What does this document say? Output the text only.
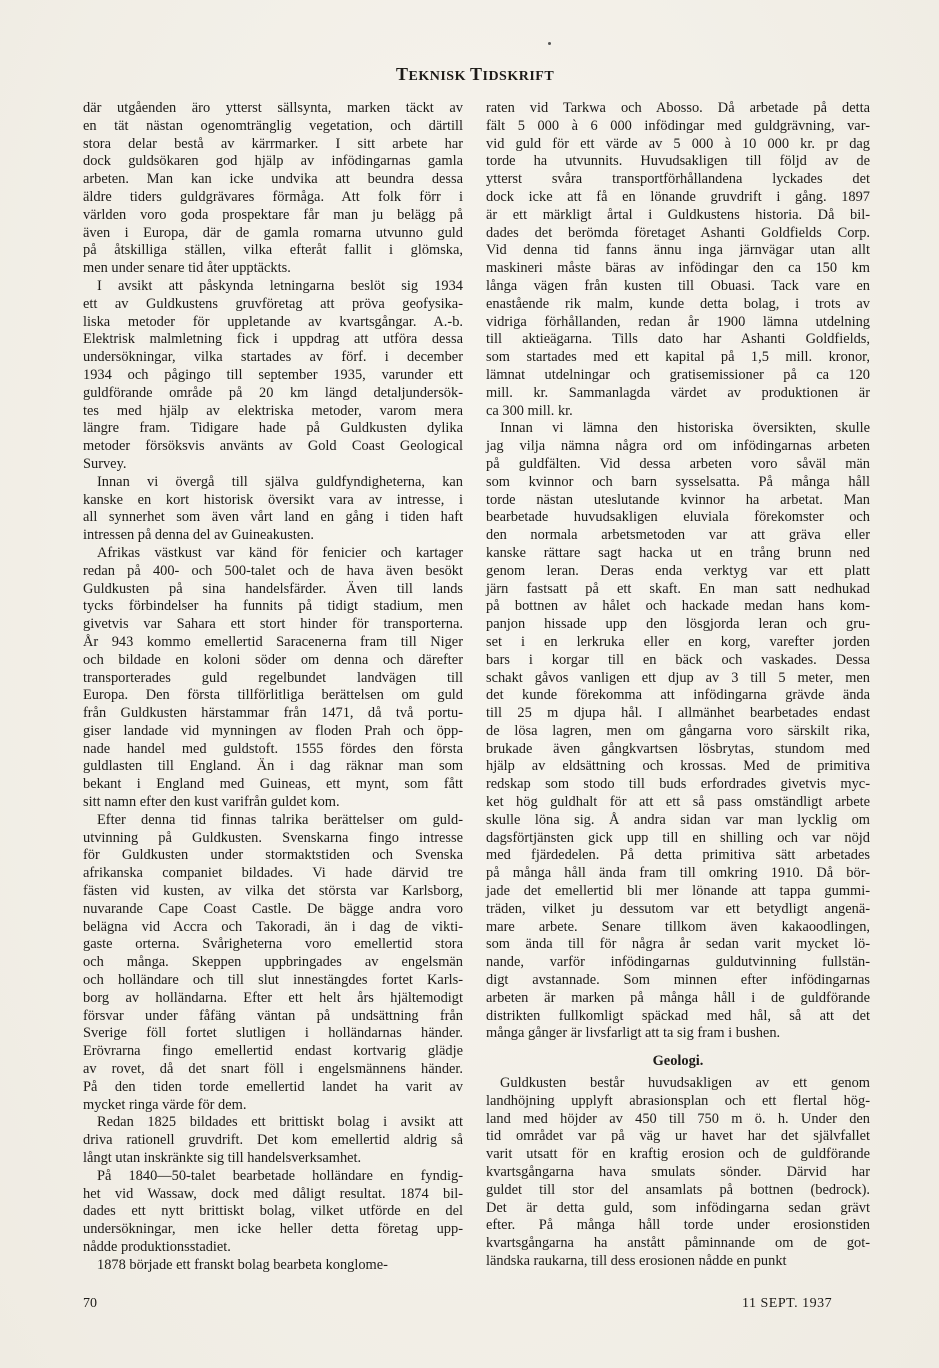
TEKNISK TIDSKRIFT
där utgåenden äro ytterst sällsynta, marken täckt av
en tät nästan ogenomtränglig vegetation, och därtill
stora delar bestå av kärrmarker. I sitt arbete har
dock guldsökaren god hjälp av infödingarnas gamla
arbeten. Man kan icke undvika att beundra dessa
äldre tiders guldgrävares förmåga. Att folk förr i
världen voro goda prospektare får man ju belägg på
även i Europa, där de gamla romarna utvunno guld
på åtskilliga ställen, vilka efteråt fallit i glömska,
men under senare tid åter upptäckts.
I avsikt att påskynda letningarna beslöt sig 1934
ett av Guldkustens gruvföretag att pröva geofysika-
liska metoder för uppletande av kvartsgångar. A.-b.
Elektrisk malmletning fick i uppdrag att utföra dessa
undersökningar, vilka startades av förf. i december
1934 och pågingo till september 1935, varunder ett
guldförande område på 20 km längd detaljundersök-
tes med hjälp av elektriska metoder, varom mera
längre fram. Tidigare hade på Guldkusten dylika
metoder försöksvis använts av Gold Coast Geological
Survey.
Innan vi övergå till själva guldfyndigheterna, kan
kanske en kort historisk översikt vara av intresse, i
all synnerhet som även vårt land en gång i tiden haft
intressen på denna del av Guineakusten.
Afrikas västkust var känd för fenicier och kartager
redan på 400- och 500-talet och de hava även besökt
Guldkusten på sina handelsfärder. Även till lands
tycks förbindelser ha funnits på tidigt stadium, men
givetvis var Sahara ett stort hinder för transporterna.
År 943 kommo emellertid Saracenerna fram till Niger
och bildade en koloni söder om denna och därefter
transporterades guld regelbundet landvägen till
Europa. Den första tillförlitliga berättelsen om guld
från Guldkusten härstammar från 1471, då två portu-
giser landade vid mynningen av floden Prah och öpp-
nade handel med guldstoft. 1555 fördes den första
guldlasten till England. Än i dag räknar man som
bekant i England med Guineas, ett mynt, som fått
sitt namn efter den kust varifrån guldet kom.
Efter denna tid finnas talrika berättelser om guld-
utvinning på Guldkusten. Svenskarna fingo intresse
för Guldkusten under stormaktstiden och Svenska
afrikanska companiet bildades. Vi hade därvid tre
fästen vid kusten, av vilka det största var Karlsborg,
nuvarande Cape Coast Castle. De bägge andra voro
belägna vid Accra och Takoradi, än i dag de vikti-
gaste orterna. Svårigheterna voro emellertid stora
och många. Skeppen uppbringades av engelsmän
och holländare och till slut innestängdes fortet Karls-
borg av holländarna. Efter ett helt års hjältemodigt
försvar under fåfäng väntan på undsättning från
Sverige föll fortet slutligen i holländarnas händer.
Erövrarna fingo emellertid endast kortvarig glädje
av rovet, då det snart föll i engelsmännens händer.
På den tiden torde emellertid landet ha varit av
mycket ringa värde för dem.
Redan 1825 bildades ett brittiskt bolag i avsikt att
driva rationell gruvdrift. Det kom emellertid aldrig så
långt utan inskränkte sig till handelsverksamhet.
På 1840—50-talet bearbetade holländare en fyndig-
het vid Wassaw, dock med dåligt resultat. 1874 bil-
dades ett nytt brittiskt bolag, vilket utförde en del
undersökningar, men icke heller detta företag upp-
nådde produktionsstadiet.
1878 började ett franskt bolag bearbeta konglome-
raten vid Tarkwa och Abosso. Då arbetade på detta
fält 5 000 à 6 000 infödingar med guldgrävning, var-
vid guld för ett värde av 5 000 à 10 000 kr. pr dag
torde ha utvunnits. Huvudsakligen till följd av de
ytterst svåra transportförhållandena lyckades det
dock icke att få en lönande gruvdrift i gång. 1897
är ett märkligt årtal i Guldkustens historia. Då bil-
dades det berömda företaget Ashanti Goldfields Corp.
Vid denna tid fanns ännu inga järnvägar utan allt
maskineri måste bäras av infödingar den ca 150 km
långa vägen från kusten till Obuasi. Tack vare en
enastående rik malm, kunde detta bolag, i trots av
vidriga förhållanden, redan år 1900 lämna utdelning
till aktieägarna. Tills dato har Ashanti Goldfields,
som startades med ett kapital på 1,5 mill. kronor,
lämnat utdelningar och gratisemissioner på ca 120
mill. kr. Sammanlagda värdet av produktionen är
ca 300 mill. kr.
Innan vi lämna den historiska översikten, skulle
jag vilja nämna några ord om infödingarnas arbeten
på guldfälten. Vid dessa arbeten voro såväl män
som kvinnor och barn sysselsatta. På många håll
torde nästan uteslutande kvinnor ha arbetat. Man
bearbetade huvudsakligen eluviala förekomster och
den normala arbetsmetoden var att gräva eller
kanske rättare sagt hacka ut en trång brunn ned
genom leran. Deras enda verktyg var ett platt
järn fastsatt på ett skaft. En man satt nedhukad
på bottnen av hålet och hackade medan hans kom-
panjon hissade upp den lösgjorda leran och gru-
set i en lerkruka eller en korg, varefter jorden
bars i korgar till en bäck och vaskades. Dessa
schakt gåvos vanligen ett djup av 3 till 5 meter, men
det kunde förekomma att infödingarna grävde ända
till 25 m djupa hål. I allmänhet bearbetades endast
de lösa lagren, men om gångarna voro särskilt rika,
brukade även gångkvartsen lösbrytas, stundom med
hjälp av eldsättning och krossas. Med de primitiva
redskap som stodo till buds erfordrades givetvis myc-
ket hög guldhalt för att ett så pass omständligt arbete
skulle löna sig. Å andra sidan var man lycklig om
dagsförtjänsten gick upp till en shilling och var nöjd
med fjärdedelen. På detta primitiva sätt arbetades
på många håll ända fram till omkring 1910. Då bör-
jade det emellertid bli mer lönande att tappa gummi-
träden, vilket ju dessutom var ett betydligt angenä-
mare arbete. Senare tillkom även kakaoodlingen,
som ända till för några år sedan varit mycket lö-
nande, varför infödingarnas guldutvinning fullstän-
digt avstannade. Som minnen efter infödingarnas
arbeten är marken på många håll i de guldförande
distrikten fullkomligt späckad med hål, så att det
många gånger är livsfarligt att ta sig fram i bushen.
Geologi.
Guldkusten består huvudsakligen av ett genom
landhöjning upplyft abrasionsplan och ett flertal hög-
land med höjder av 450 till 750 m ö. h. Under den
tid området var på väg ur havet har det självfallet
varit utsatt för en kraftig erosion och de guldförande
kvartsgångarna hava smulats sönder. Därvid har
guldet till stor del ansamlats på bottnen (bedrock).
Det är detta guld, som infödingarna sedan grävt
efter. På många håll torde under erosionstiden
kvartsgångarna ha anstått påminnande om de got-
ländska raukarna, till dess erosionen nådde en punkt
70	11 SEPT. 1937
